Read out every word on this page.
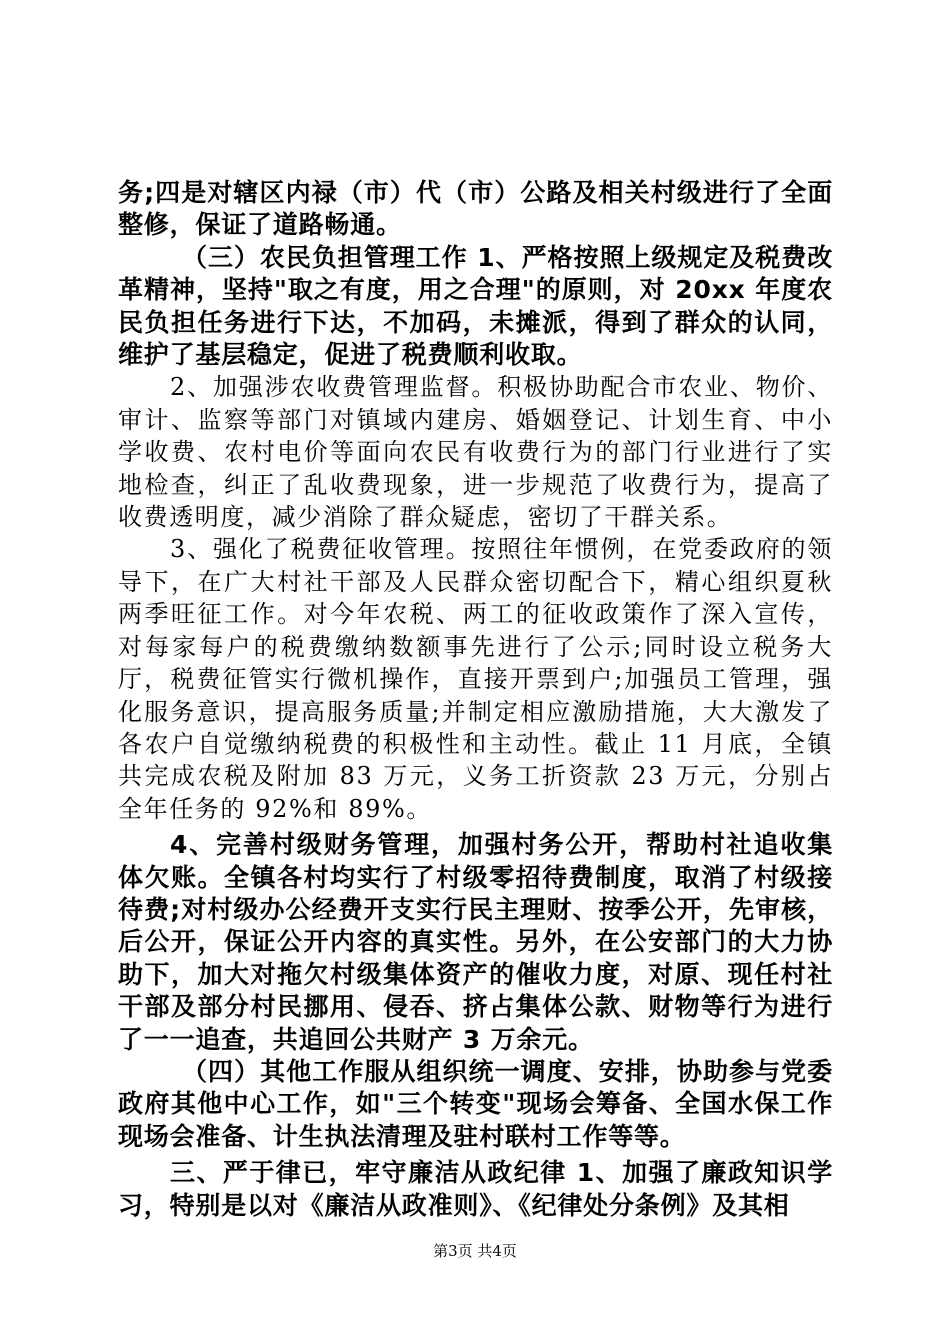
务;四是对辖区内禄（市）代（市）公路及相关村级进行了全面整修，保证了道路畅通。

（三）农民负担管理工作 1、严格按照上级规定及税费改革精神，坚持"取之有度，用之合理"的原则，对 20xx 年度农民负担任务进行下达，不加码，未摊派，得到了群众的认同，维护了基层稳定，促进了税费顺利收取。

2、加强涉农收费管理监督。积极协助配合市农业、物价、审计、监察等部门对镇域内建房、婚姻登记、计划生育、中小学收费、农村电价等面向农民有收费行为的部门行业进行了实地检查，纠正了乱收费现象，进一步规范了收费行为，提高了收费透明度，减少消除了群众疑虑，密切了干群关系。

3、强化了税费征收管理。按照往年惯例，在党委政府的领导下，在广大村社干部及人民群众密切配合下，精心组织夏秋两季旺征工作。对今年农税、两工的征收政策作了深入宣传，对每家每户的税费缴纳数额事先进行了公示;同时设立税务大厅，税费征管实行微机操作，直接开票到户;加强员工管理，强化服务意识，提高服务质量;并制定相应激励措施，大大激发了各农户自觉缴纳税费的积极性和主动性。截止 11 月底，全镇共完成农税及附加 83 万元，义务工折资款 23 万元，分别占全年任务的 92%和 89%。

4、完善村级财务管理，加强村务公开，帮助村社追收集体欠账。全镇各村均实行了村级零招待费制度，取消了村级接待费;对村级办公经费开支实行民主理财、按季公开，先审核，后公开，保证公开内容的真实性。另外，在公安部门的大力协助下，加大对拖欠村级集体资产的催收力度，对原、现任村社干部及部分村民挪用、侵吞、挤占集体公款、财物等行为进行了一一追查，共追回公共财产 3 万余元。

（四）其他工作服从组织统一调度、安排，协助参与党委政府其他中心工作，如"三个转变"现场会筹备、全国水保工作现场会准备、计生执法清理及驻村联村工作等等。

三、严于律已，牢守廉洁从政纪律 1、加强了廉政知识学习，特别是以对《廉洁从政准则》、《纪律处分条例》及其相

第3页 共4页
